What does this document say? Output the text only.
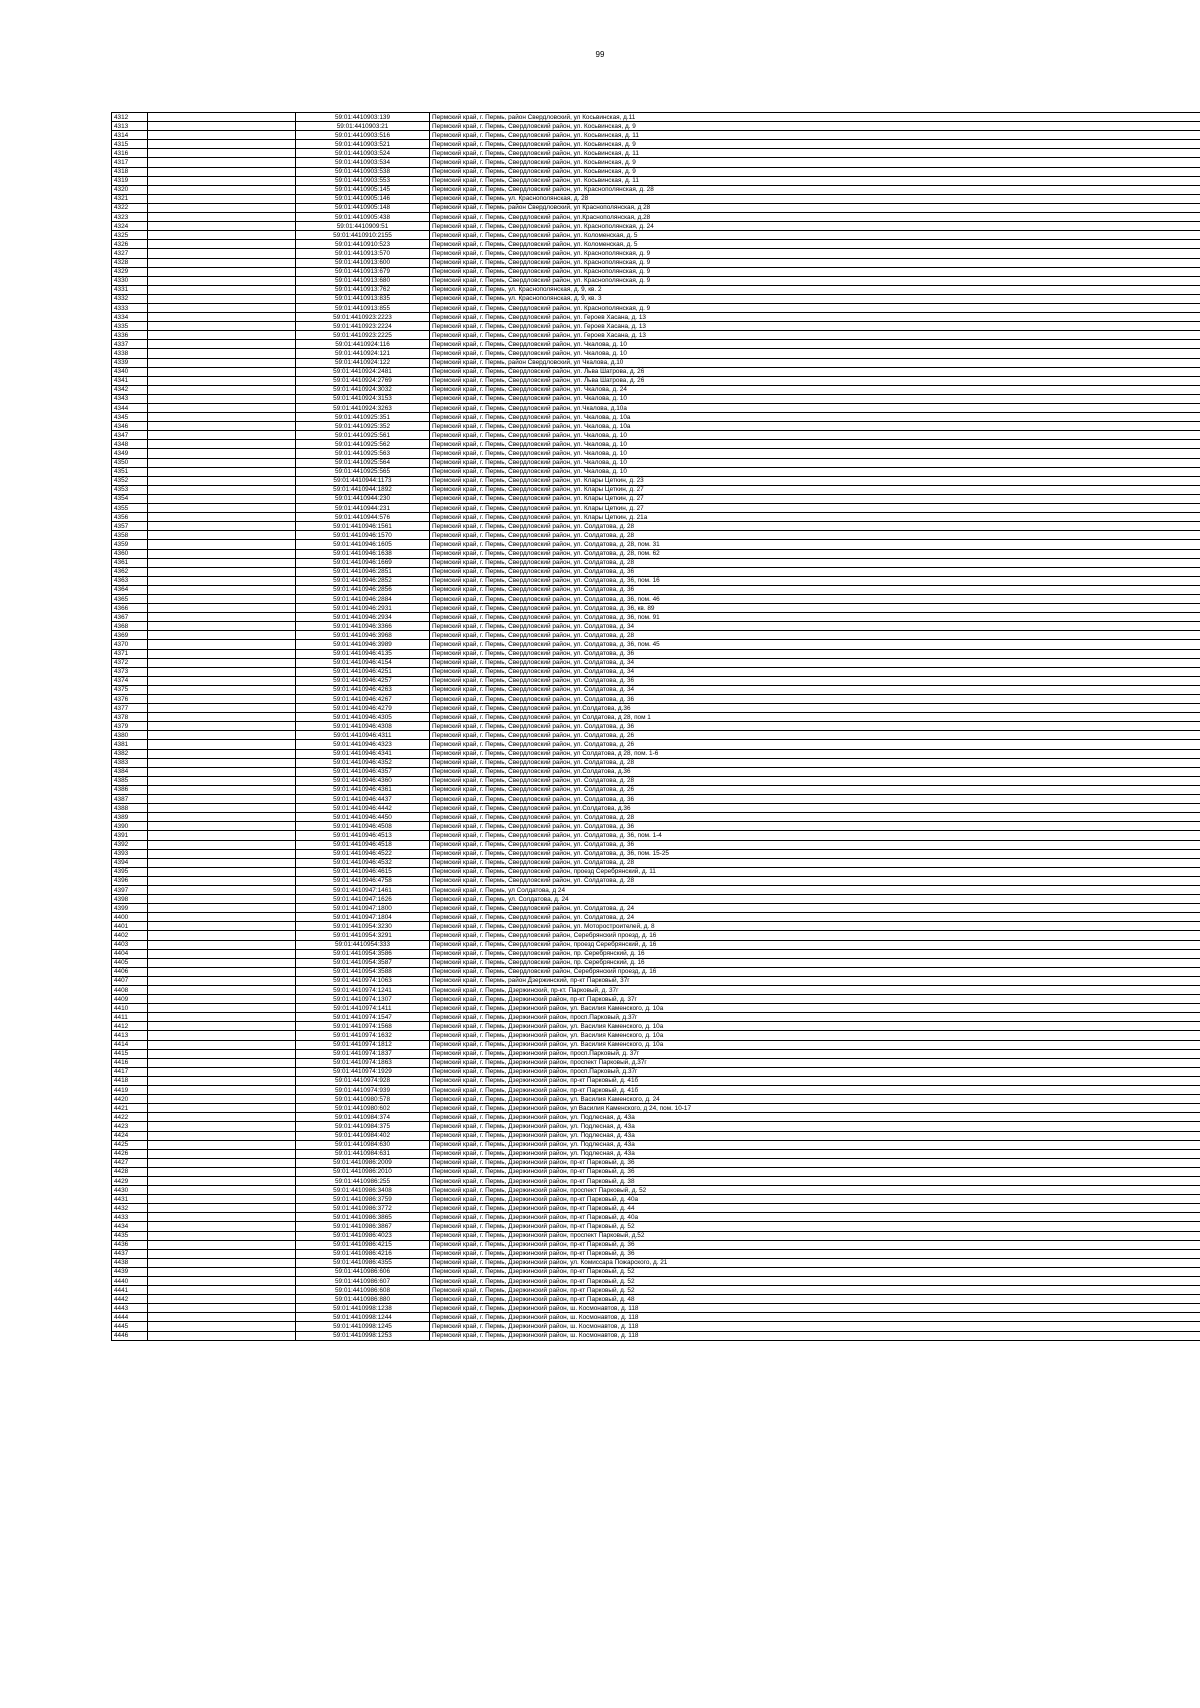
99
4312		59:01:4410903:139	Пермский край, г. Пермь, район Свердловский, ул Косьвинская, д.11
4313		59:01:4410903:21	Пермский край, г. Пермь, Свердловский район, ул. Косьвинская, д. 9
4314		59:01:4410903:516	Пермский край, г. Пермь, Свердловский район, ул. Косьвинская, д. 11
4315		59:01:4410903:521	Пермский край, г. Пермь, Свердловский район, ул. Косьвинская, д. 9
4316		59:01:4410903:524	Пермский край, г. Пермь, Свердловский район, ул. Косьвинская, д. 11
4317		59:01:4410903:534	Пермский край, г. Пермь, Свердловский район, ул. Косьвинская, д. 9
4318		59:01:4410903:538	Пермский край, г. Пермь, Свердловский район, ул. Косьвинская, д. 9
4319		59:01:4410903:553	Пермский край, г. Пермь, Свердловский район, ул. Косьвинская, д. 11
4320		59:01:4410905:145	Пермский край, г. Пермь, Свердловский район, ул. Краснополянская, д. 28
4321		59:01:4410905:146	Пермский край, г. Пермь, ул. Краснополянская, д. 28
4322		59:01:4410905:148	Пермский край, г. Пермь, район Свердловский, ул Краснополянская, д 28
4323		59:01:4410905:438	Пермский край, г. Пермь, Свердловский район, ул.Краснополянская, д.28
4324		59:01:4410909:51	Пермский край, г. Пермь, Свердловский район, ул. Краснополянская, д. 24
4325		59:01:4410910:2155	Пермский край, г. Пермь, Свердловский район, ул. Коломенская, д. 5
4326		59:01:4410910:523	Пермский край, г. Пермь, Свердловский район, ул. Коломенская, д. 5
4327		59:01:4410913:570	Пермский край, г. Пермь, Свердловский район, ул. Краснополянская, д. 9
4328		59:01:4410913:600	Пермский край, г. Пермь, Свердловский район, ул. Краснополянская, д. 9
4329		59:01:4410913:679	Пермский край, г. Пермь, Свердловский район, ул. Краснополянская, д. 9
4330		59:01:4410913:680	Пермский край, г. Пермь, Свердловский район, ул. Краснополянская, д. 9
4331		59:01:4410913:762	Пермский край, г. Пермь, ул. Краснополянская, д. 9, кв. 2
4332		59:01:4410913:835	Пермский край, г. Пермь, ул. Краснополянская, д. 9, кв. 3
4333		59:01:4410913:855	Пермский край, г. Пермь, Свердловский район, ул. Краснополянская, д. 9
4334		59:01:4410923:2223	Пермский край, г. Пермь, Свердловский район, ул. Героев Хасана, д. 13
4335		59:01:4410923:2224	Пермский край, г. Пермь, Свердловский район, ул. Героев Хасана, д. 13
4336		59:01:4410923:2225	Пермский край, г. Пермь, Свердловский район, ул. Героев Хасана, д. 13
4337		59:01:4410924:116	Пермский край, г. Пермь, Свердловский район, ул. Чкалова, д. 10
4338		59:01:4410924:121	Пермский край, г. Пермь, Свердловский район, ул. Чкалова, д. 10
4339		59:01:4410924:122	Пермский край, г. Пермь, район Свердловский, ул Чкалова, д.10
4340		59:01:4410924:2481	Пермский край, г. Пермь, Свердловский район, ул. Льва Шатрова, д. 26
4341		59:01:4410924:2769	Пермский край, г. Пермь, Свердловский район, ул. Льва Шатрова, д. 26
4342		59:01:4410924:3032	Пермский край, г. Пермь, Свердловский район, ул. Чкалова, д. 24
4343		59:01:4410924:3153	Пермский край, г. Пермь, Свердловский район, ул. Чкалова, д. 10
4344		59:01:4410924:3263	Пермский край, г. Пермь, Свердловский район, ул.Чкалова, д.10а
4345		59:01:4410925:351	Пермский край, г. Пермь, Свердловский район, ул. Чкалова, д. 10а
4346		59:01:4410925:352	Пермский край, г. Пермь, Свердловский район, ул. Чкалова, д. 10а
4347		59:01:4410925:561	Пермский край, г. Пермь, Свердловский район, ул. Чкалова, д. 10
4348		59:01:4410925:562	Пермский край, г. Пермь, Свердловский район, ул. Чкалова, д. 10
4349		59:01:4410925:563	Пермский край, г. Пермь, Свердловский район, ул. Чкалова, д. 10
4350		59:01:4410925:564	Пермский край, г. Пермь, Свердловский район, ул. Чкалова, д. 10
4351		59:01:4410925:565	Пермский край, г. Пермь, Свердловский район, ул. Чкалова, д. 10
4352		59:01:4410944:1173	Пермский край, г. Пермь, Свердловский район, ул. Клары Цеткин, д. 23
4353		59:01:4410944:1892	Пермский край, г. Пермь, Свердловский район, ул. Клары Цеткин, д. 27
4354		59:01:4410944:230	Пермский край, г. Пермь, Свердловский район, ул. Клары Цеткин, д. 27
4355		59:01:4410944:231	Пермский край, г. Пермь, Свердловский район, ул. Клары Цеткин, д. 27
4356		59:01:4410944:576	Пермский край, г. Пермь, Свердловский район, ул. Клары Цеткин, д. 21а
4357		59:01:4410946:1561	Пермский край, г. Пермь, Свердловский район, ул. Солдатова, д. 28
4358		59:01:4410946:1570	Пермский край, г. Пермь, Свердловский район, ул. Солдатова, д. 28
4359		59:01:4410946:1605	Пермский край, г. Пермь, Свердловский район, ул. Солдатова, д. 28, пом. 31
4360		59:01:4410946:1638	Пермский край, г. Пермь, Свердловский район, ул. Солдатова, д. 28, пом. 62
4361		59:01:4410946:1669	Пермский край, г. Пермь, Свердловский район, ул. Солдатова, д. 28
4362		59:01:4410946:2851	Пермский край, г. Пермь, Свердловский район, ул. Солдатова, д. 36
4363		59:01:4410946:2852	Пермский край, г. Пермь, Свердловский район, ул. Солдатова, д. 36, пом. 16
4364		59:01:4410946:2856	Пермский край, г. Пермь, Свердловский район, ул. Солдатова, д. 36
4365		59:01:4410946:2884	Пермский край, г. Пермь, Свердловский район, ул. Солдатова, д. 36, пом. 46
4366		59:01:4410946:2931	Пермский край, г. Пермь, Свердловский район, ул. Солдатова, д. 36, кв. 89
4367		59:01:4410946:2934	Пермский край, г. Пермь, Свердловский район, ул. Солдатова, д. 36, пом. 91
4368		59:01:4410946:3366	Пермский край, г. Пермь, Свердловский район, ул. Солдатова, д. 34
4369		59:01:4410946:3968	Пермский край, г. Пермь, Свердловский район, ул. Солдатова, д. 28
4370		59:01:4410946:3989	Пермский край, г. Пермь, Свердловский район, ул. Солдатова, д. 36, пом. 45
4371		59:01:4410946:4135	Пермский край, г. Пермь, Свердловский район, ул. Солдатова, д. 36
4372		59:01:4410946:4154	Пермский край, г. Пермь, Свердловский район, ул. Солдатова, д. 34
4373		59:01:4410946:4251	Пермский край, г. Пермь, Свердловский район, ул. Солдатова, д. 34
4374		59:01:4410946:4257	Пермский край, г. Пермь, Свердловский район, ул. Солдатова, д. 36
4375		59:01:4410946:4263	Пермский край, г. Пермь, Свердловский район, ул. Солдатова, д. 34
4376		59:01:4410946:4267	Пермский край, г. Пермь, Свердловский район, ул. Солдатова, д. 36
4377		59:01:4410946:4279	Пермский край, г. Пермь, Свердловский район, ул.Солдатова, д.36
4378		59:01:4410946:4305	Пермский край, г. Пермь, Свердловский район, ул Солдатова, д 28, пом 1
4379		59:01:4410946:4308	Пермский край, г. Пермь, Свердловский район, ул. Солдатова, д. 36
4380		59:01:4410946:4311	Пермский край, г. Пермь, Свердловский район, ул. Солдатова, д. 26
4381		59:01:4410946:4323	Пермский край, г. Пермь, Свердловский район, ул. Солдатова, д. 26
4382		59:01:4410946:4341	Пермский край, г. Пермь, Свердловский район, ул Солдатова, д 28, пом. 1-6
4383		59:01:4410946:4352	Пермский край, г. Пермь, Свердловский район, ул. Солдатова, д. 28
4384		59:01:4410946:4357	Пермский край, г. Пермь, Свердловский район, ул.Солдатова, д.36
4385		59:01:4410946:4360	Пермский край, г. Пермь, Свердловский район, ул. Солдатова, д. 28
4386		59:01:4410946:4361	Пермский край, г. Пермь, Свердловский район, ул. Солдатова, д. 26
4387		59:01:4410946:4437	Пермский край, г. Пермь, Свердловский район, ул. Солдатова, д. 36
4388		59:01:4410946:4442	Пермский край, г. Пермь, Свердловский район, ул.Солдатова, д.36
4389		59:01:4410946:4450	Пермский край, г. Пермь, Свердловский район, ул. Солдатова, д. 28
4390		59:01:4410946:4508	Пермский край, г. Пермь, Свердловский район, ул. Солдатова, д. 36
4391		59:01:4410946:4513	Пермский край, г. Пермь, Свердловский район, ул. Солдатова, д. 36, пом. 1-4
4392		59:01:4410946:4518	Пермский край, г. Пермь, Свердловский район, ул. Солдатова, д. 36
4393		59:01:4410946:4522	Пермский край, г. Пермь, Свердловский район, ул. Солдатова, д. 36, пом. 15-25
4394		59:01:4410946:4532	Пермский край, г. Пермь, Свердловский район, ул. Солдатова, д. 28
4395		59:01:4410946:4615	Пермский край, г. Пермь, Свердловский район, проезд Серебрянский, д. 11
4396		59:01:4410946:4758	Пермский край, г. Пермь, Свердловский район, ул. Солдатова, д. 28
4397		59:01:4410947:1461	Пермский край, г. Пермь, ул Солдатова, д 24
4398		59:01:4410947:1626	Пермский край, г. Пермь, ул. Солдатова, д. 24
4399		59:01:4410947:1800	Пермский край, г. Пермь, Свердловский район, ул. Солдатова, д. 24
4400		59:01:4410947:1804	Пермский край, г. Пермь, Свердловский район, ул. Солдатова, д. 24
4401		59:01:4410954:3230	Пермский край, г. Пермь, Свердловский район, ул. Моторостроителей, д. 8
4402		59:01:4410954:3291	Пермский край, г. Пермь, Свердловский район, Серебрянский проезд, д. 16
4403		59:01:4410954:333	Пермский край, г. Пермь, Свердловский район, проезд Серебрянский, д. 16
4404		59:01:4410954:3586	Пермский край, г. Пермь, Свердловский район, пр. Серебрянский, д. 16
4405		59:01:4410954:3587	Пермский край, г. Пермь, Свердловский район, пр. Серебрянский, д. 16
4406		59:01:4410954:3588	Пермский край, г. Пермь, Свердловский район, Серебрянский проезд, д. 16
4407		59:01:4410974:1063	Пермский край, г. Пермь, район Дзержинский, пр-кт Парковый, 37г
4408		59:01:4410974:1241	Пермский край, г. Пермь, Дзержинский, пр-кт. Парковый, д. 37г
4409		59:01:4410974:1307	Пермский край, г. Пермь, Дзержинский район, пр-кт Парковый, д. 37г
4410		59:01:4410974:1411	Пермский край, г. Пермь, Дзержинский район, ул. Василия Каменского, д. 10а
4411		59:01:4410974:1547	Пермский край, г. Пермь, Дзержинский район, просп.Парковый, д.37г
4412		59:01:4410974:1568	Пермский край, г. Пермь, Дзержинский район, ул. Василия Каменского, д. 10а
4413		59:01:4410974:1632	Пермский край, г. Пермь, Дзержинский район, ул. Василия Каменского, д. 10а
4414		59:01:4410974:1812	Пермский край, г. Пермь, Дзержинский район, ул. Василия Каменского, д. 10а
4415		59:01:4410974:1837	Пермский край, г. Пермь, Дзержинский район, просп.Парковый, д. 37г
4416		59:01:4410974:1863	Пермский край, г. Пермь, Дзержинский район, проспект Парковый, д.37г
4417		59:01:4410974:1929	Пермский край, г. Пермь, Дзержинский район, просп.Парковый, д.37г
4418		59:01:4410974:928	Пермский край, г. Пермь, Дзержинский район, пр-кт Парковый, д. 41б
4419		59:01:4410974:939	Пермский край, г. Пермь, Дзержинский район, пр-кт Парковый, д. 41б
4420		59:01:4410980:578	Пермский край, г. Пермь, Дзержинский район, ул. Василия Каменского, д. 24
4421		59:01:4410980:602	Пермский край, г. Пермь, Дзержинский район, ул Василия Каменского, д 24, пом. 10-17
4422		59:01:4410984:374	Пермский край, г. Пермь, Дзержинский район, ул. Подлесная, д. 43а
4423		59:01:4410984:375	Пермский край, г. Пермь, Дзержинский район, ул. Подлесная, д. 43а
4424		59:01:4410984:402	Пермский край, г. Пермь, Дзержинский район, ул. Подлесная, д. 43а
4425		59:01:4410984:630	Пермский край, г. Пермь, Дзержинский район, ул. Подлесная, д. 43а
4426		59:01:4410984:631	Пермский край, г. Пермь, Дзержинский район, ул. Подлесная, д. 43а
4427		59:01:4410986:2009	Пермский край, г. Пермь, Дзержинский район, пр-кт Парковый, д. 36
4428		59:01:4410986:2010	Пермский край, г. Пермь, Дзержинский район, пр-кт Парковый, д. 36
4429		59:01:4410986:255	Пермский край, г. Пермь, Дзержинский район, пр-кт Парковый, д. 38
4430		59:01:4410986:3408	Пермский край, г. Пермь, Дзержинский район, проспект Парковый, д. 52
4431		59:01:4410986:3759	Пермский край, г. Пермь, Дзержинский район, пр-кт Парковый, д. 40а
4432		59:01:4410986:3772	Пермский край, г. Пермь, Дзержинский район, пр-кт Парковый, д. 44
4433		59:01:4410986:3865	Пермский край, г. Пермь, Дзержинский район, пр-кт Парковый, д. 40а
4434		59:01:4410986:3867	Пермский край, г. Пермь, Дзержинский район, пр-кт Парковый, д. 52
4435		59:01:4410986:4023	Пермский край, г. Пермь, Дзержинский район, проспект Парковый, д.52
4436		59:01:4410986:4215	Пермский край, г. Пермь, Дзержинский район, пр-кт Парковый, д. 36
4437		59:01:4410986:4216	Пермский край, г. Пермь, Дзержинский район, пр-кт Парковый, д. 36
4438		59:01:4410986:4355	Пермский край, г. Пермь, Дзержинский район, ул. Комиссара Пожарского, д. 21
4439		59:01:4410986:606	Пермский край, г. Пермь, Дзержинский район, пр-кт Парковый, д. 52
4440		59:01:4410986:607	Пермский край, г. Пермь, Дзержинский район, пр-кт Парковый, д. 52
4441		59:01:4410986:608	Пермский край, г. Пермь, Дзержинский район, пр-кт Парковый, д. 52
4442		59:01:4410986:880	Пермский край, г. Пермь, Дзержинский район, пр-кт Парковый, д. 48
4443		59:01:4410998:1238	Пермский край, г. Пермь, Дзержинский район, ш. Космонавтов, д. 118
4444		59:01:4410998:1244	Пермский край, г. Пермь, Дзержинский район, ш. Космонавтов, д. 118
4445		59:01:4410998:1245	Пермский край, г. Пермь, Дзержинский район, ш. Космонавтов, д. 118
4446		59:01:4410998:1253	Пермский край, г. Пермь, Дзержинский район, ш. Космонавтов, д. 118
